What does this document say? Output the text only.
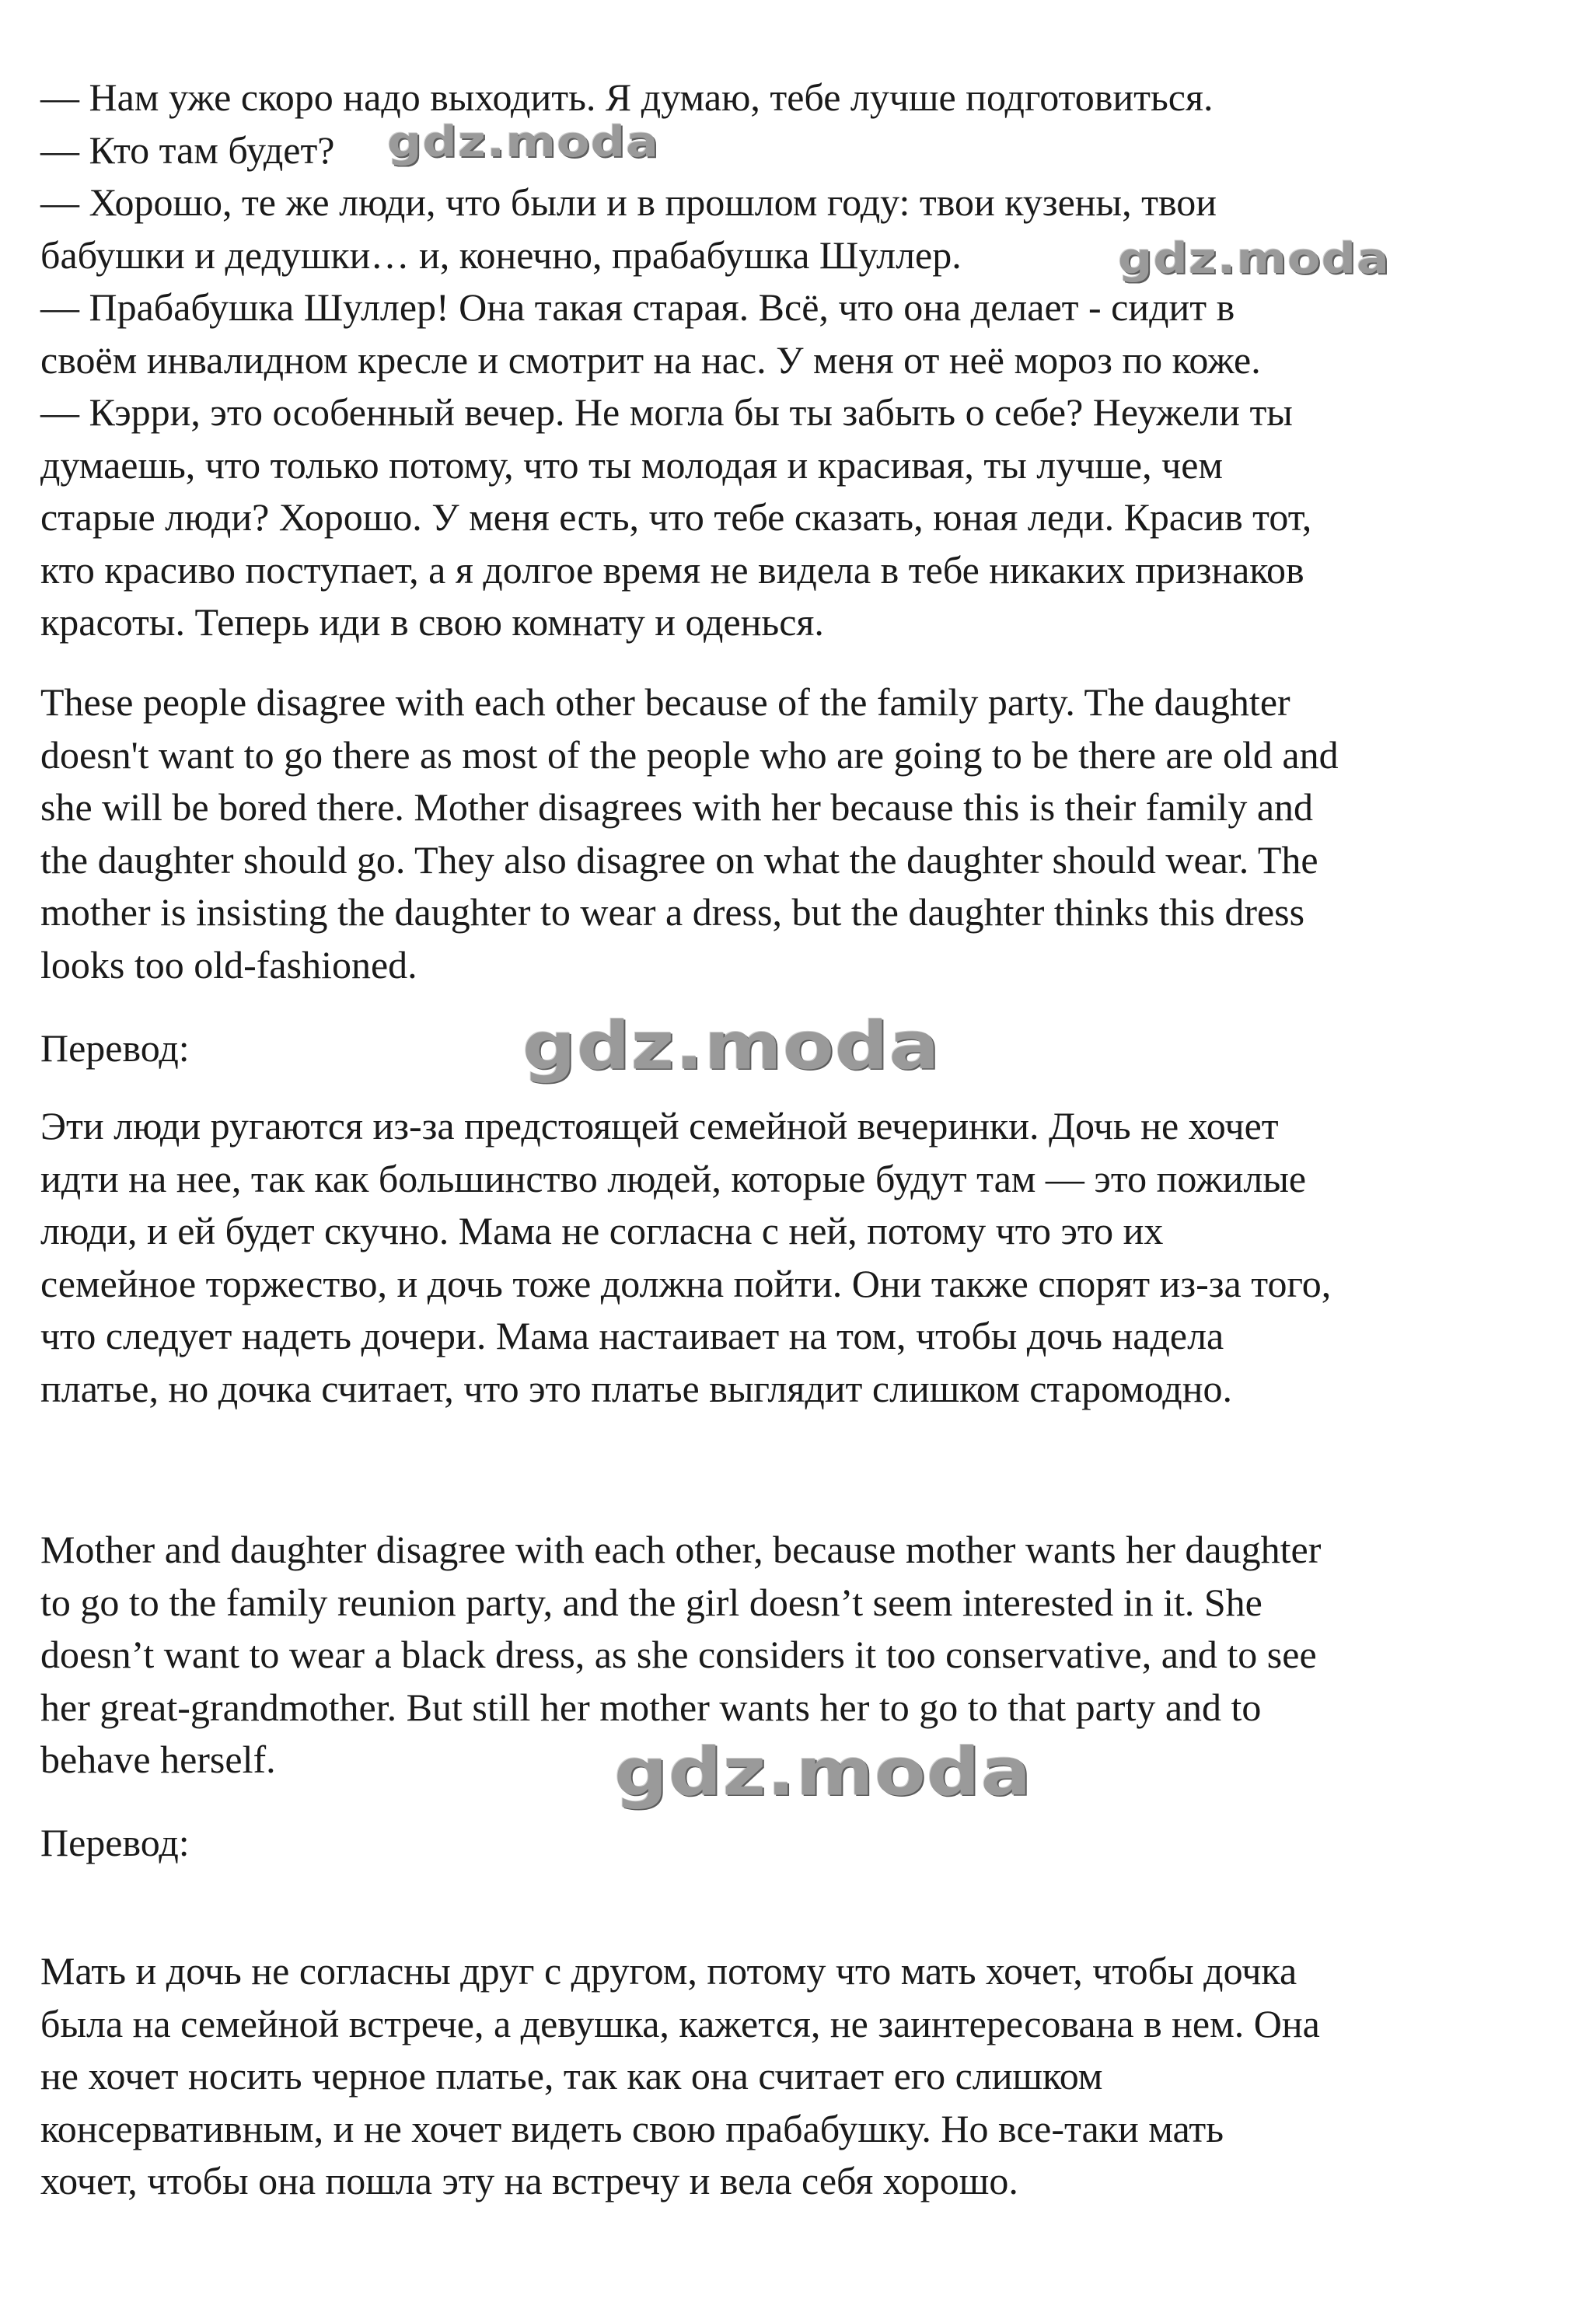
— Нам уже скоро надо выходить. Я думаю, тебе лучше подготовиться.
— Кто там будет?
— Хорошо, те же люди, что были и в прошлом году: твои кузены, твои
бабушки и дедушки… и, конечно, прабабушка Шуллер.
— Прабабушка Шуллер! Она такая старая. Всё, что она делает - сидит в
своём инвалидном кресле и смотрит на нас. У меня от неё мороз по коже.
— Кэрри, это особенный вечер. Не могла бы ты забыть о себе? Неужели ты
думаешь, что только потому, что ты молодая и красивая, ты лучше, чем
старые люди? Хорошо. У меня есть, что тебе сказать, юная леди. Красив тот,
кто красиво поступает, а я долгое время не видела в тебе никаких признаков
красоты. Теперь иди в свою комнату и оденься.
These people disagree with each other because of the family party. The daughter
doesn't want to go there as most of the people who are going to be there are old and
she will be bored there. Mother disagrees with her because this is their family and
the daughter should go. They also disagree on what the daughter should wear. The
mother is insisting the daughter to wear a dress, but the daughter thinks this dress
looks too old-fashioned.
Перевод:
Эти люди ругаются из-за предстоящей семейной вечеринки. Дочь не хочет
идти на нее, так как большинство людей, которые будут там — это пожилые
люди, и ей будет скучно. Мама не согласна с ней, потому что это их
семейное торжество, и дочь тоже должна пойти. Они также спорят из-за того,
что следует надеть дочери. Мама настаивает на том, чтобы дочь надела
платье, но дочка считает, что это платье выглядит слишком старомодно.
Mother and daughter disagree with each other, because mother wants her daughter
to go to the family reunion party, and the girl doesn’t seem interested in it. She
doesn’t want to wear a black dress, as she considers it too conservative, and to see
her great-grandmother. But still her mother wants her to go to that party and to
behave herself.
Перевод:
Мать и дочь не согласны друг с другом, потому что мать хочет, чтобы дочка
была на семейной встрече, а девушка, кажется, не заинтересована в нем. Она
не хочет носить черное платье, так как она считает его слишком
консервативным, и не хочет видеть свою прабабушку. Но все-таки мать
хочет, чтобы она пошла эту на встречу и вела себя хорошо.
gdz.moda
gdz.moda
gdz.moda
gdz.moda
